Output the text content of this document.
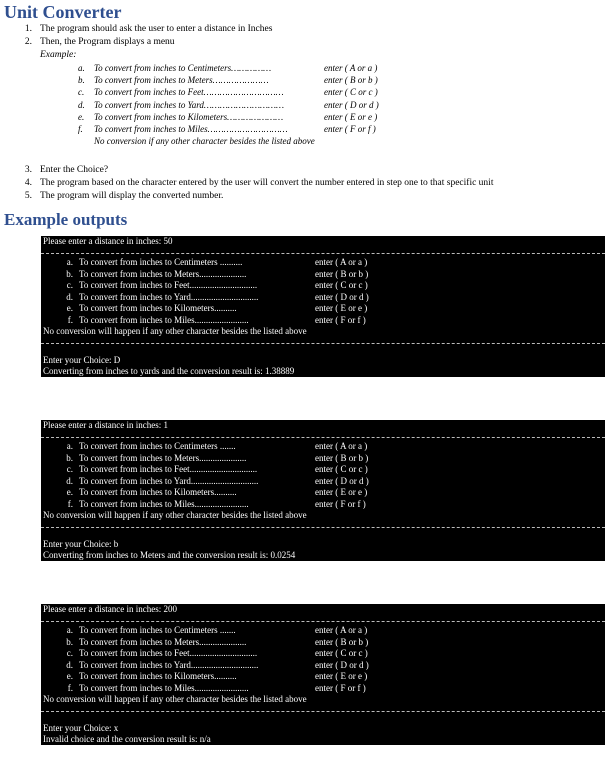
Unit Converter
1. The program should ask the user to enter a distance in Inches
2. Then, the Program displays a menu
Example:
a.	To convert from inches to Centimeters……………	enter ( A or a )
b.	To convert from inches to Meters…………………	enter ( B or b )
c.	To convert from inches to Feet…………………………	enter ( C or c )
d.	To convert from inches to Yard…………………………	enter ( D or d )
e.	To convert from inches to Kilometers…………………	enter ( E or e )
f.	To convert from inches to Miles…………………………	enter ( F or f )
No conversion if any other character besides the listed above
3. Enter the Choice?
4. The program based on the character entered by the user will convert the number entered in step one to that specific unit
5. The program will display the converted number.
Example outputs
Please enter a distance in inches: 50
a. To convert from inches to Centimeters ..........	enter ( A or a )
b. To convert from inches to Meters.....................	enter ( B or b )
c. To convert from inches to Feet..............................	enter ( C or c )
d. To convert from inches to Yard..............................	enter ( D or d )
e. To convert from inches to Kilometers..........	enter ( E or e )
f. To convert from inches to Miles........................	enter ( F or f )
No conversion will happen if any other character besides the listed above
Enter your Choice: D
Converting from inches to yards and the conversion result is: 1.38889
Please enter a distance in inches: 1
a. To convert from inches to Centimeters .......	enter ( A or a )
b. To convert from inches to Meters.....................	enter ( B or b )
c. To convert from inches to Feet..............................	enter ( C or c )
d. To convert from inches to Yard..............................	enter ( D or d )
e. To convert from inches to Kilometers..........	enter ( E or e )
f. To convert from inches to Miles........................	enter ( F or f )
No conversion will happen if any other character besides the listed above
Enter your Choice: b
Converting from inches to Meters and the conversion result is: 0.0254
Please enter a distance in inches: 200
a. To convert from inches to Centimeters .......	enter ( A or a )
b. To convert from inches to Meters.....................	enter ( B or b )
c. To convert from inches to Feet..............................	enter ( C or c )
d. To convert from inches to Yard..............................	enter ( D or d )
e. To convert from inches to Kilometers..........	enter ( E or e )
f. To convert from inches to Miles........................	enter ( F or f )
No conversion will happen if any other character besides the listed above
Enter your Choice: x
Invalid choice and the conversion result is: n/a
